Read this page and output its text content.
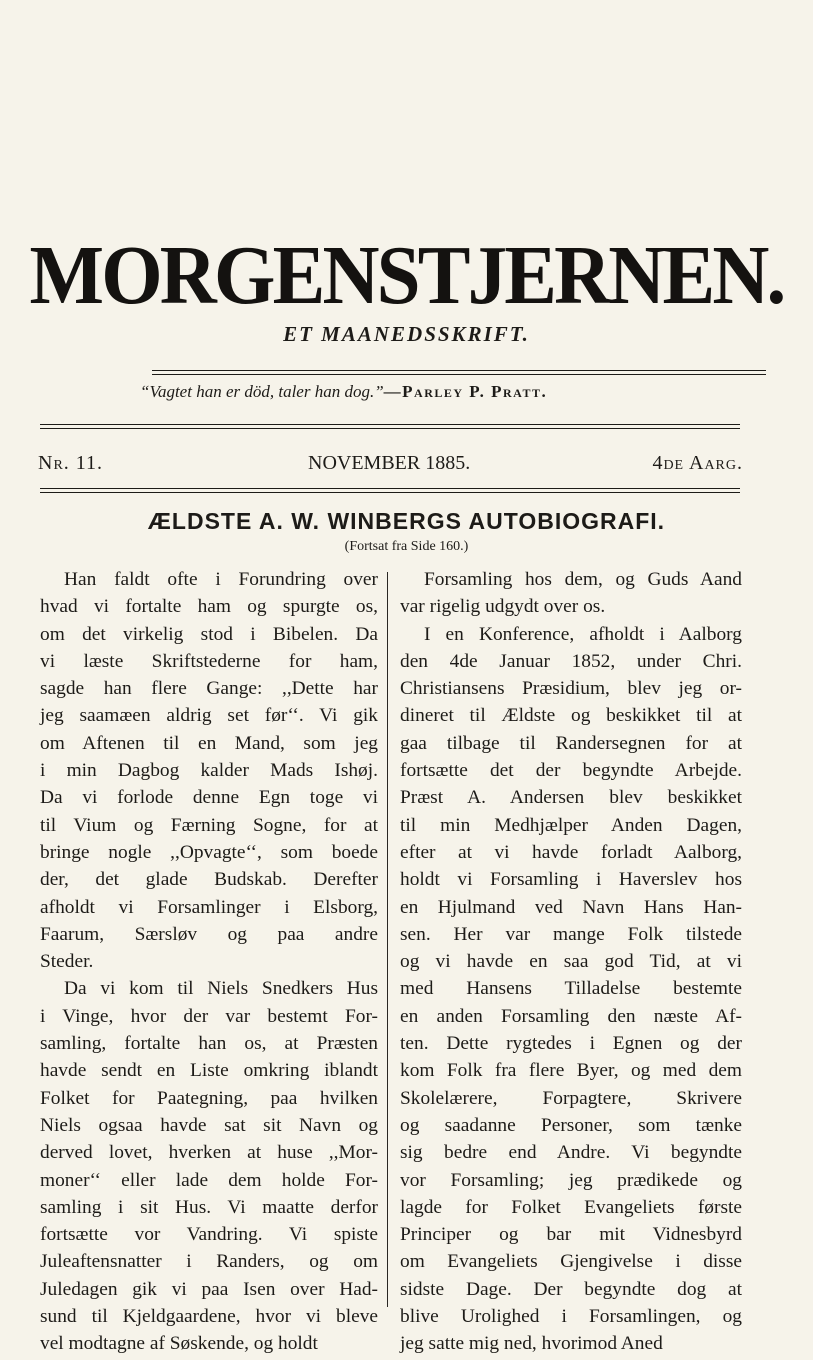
MORGENSTJERNEN.
ET MAANEDSSKRIFT.
“Vagtet han er död, taler han dog.”—Parley P. Pratt.
Nr. 11.	NOVEMBER 1885.	4de Aarg.
ÆLDSTE A. W. WINBERGS AUTOBIOGRAFI.
(Fortsat fra Side 160.)
Han faldt ofte i Forundring over
hvad vi fortalte ham og spurgte os,
om det virkelig stod i Bibelen. Da
vi læste Skriftstederne for ham,
sagde han flere Gange: ,,Dette har
jeg saamæen aldrig set før‘‘. Vi gik
om Aftenen til en Mand, som jeg
i min Dagbog kalder Mads Ishøj.
Da vi forlode denne Egn toge vi
til Vium og Færning Sogne, for at
bringe nogle ,,Opvagte‘‘, som boede
der, det glade Budskab. Derefter
afholdt vi Forsamlinger i Elsborg,
Faarum, Særsløv og paa andre
Steder.
Da vi kom til Niels Snedkers Hus
i Vinge, hvor der var bestemt For-
samling, fortalte han os, at Præsten
havde sendt en Liste omkring iblandt
Folket for Paategning, paa hvilken
Niels ogsaa havde sat sit Navn og
derved lovet, hverken at huse ,,Mor-
moner‘‘ eller lade dem holde For-
samling i sit Hus. Vi maatte derfor
fortsætte vor Vandring. Vi spiste
Juleaftensnatter i Randers, og om
Juledagen gik vi paa Isen over Had-
sund til Kjeldgaardene, hvor vi bleve
vel modtagne af Søskende, og holdt
Forsamling hos dem, og Guds Aand
var rigelig udgydt over os.
I en Konference, afholdt i Aalborg
den 4de Januar 1852, under Chri.
Christiansens Præsidium, blev jeg or-
dineret til Ældste og beskikket til at
gaa tilbage til Randersegnen for at
fortsætte det der begyndte Arbejde.
Præst A. Andersen blev beskikket
til min Medhjælper Anden Dagen,
efter at vi havde forladt Aalborg,
holdt vi Forsamling i Haverslev hos
en Hjulmand ved Navn Hans Han-
sen. Her var mange Folk tilstede
og vi havde en saa god Tid, at vi
med Hansens Tilladelse bestemte
en anden Forsamling den næste Af-
ten. Dette rygtedes i Egnen og der
kom Folk fra flere Byer, og med dem
Skolelærere, Forpagtere, Skrivere
og saadanne Personer, som tænke
sig bedre end Andre. Vi begyndte
vor Forsamling; jeg prædikede og
lagde for Folket Evangeliets første
Principer og bar mit Vidnesbyrd
om Evangeliets Gjengivelse i disse
sidste Dage. Der begyndte dog at
blive Urolighed i Forsamlingen, og
jeg satte mig ned, hvorimod Aned
